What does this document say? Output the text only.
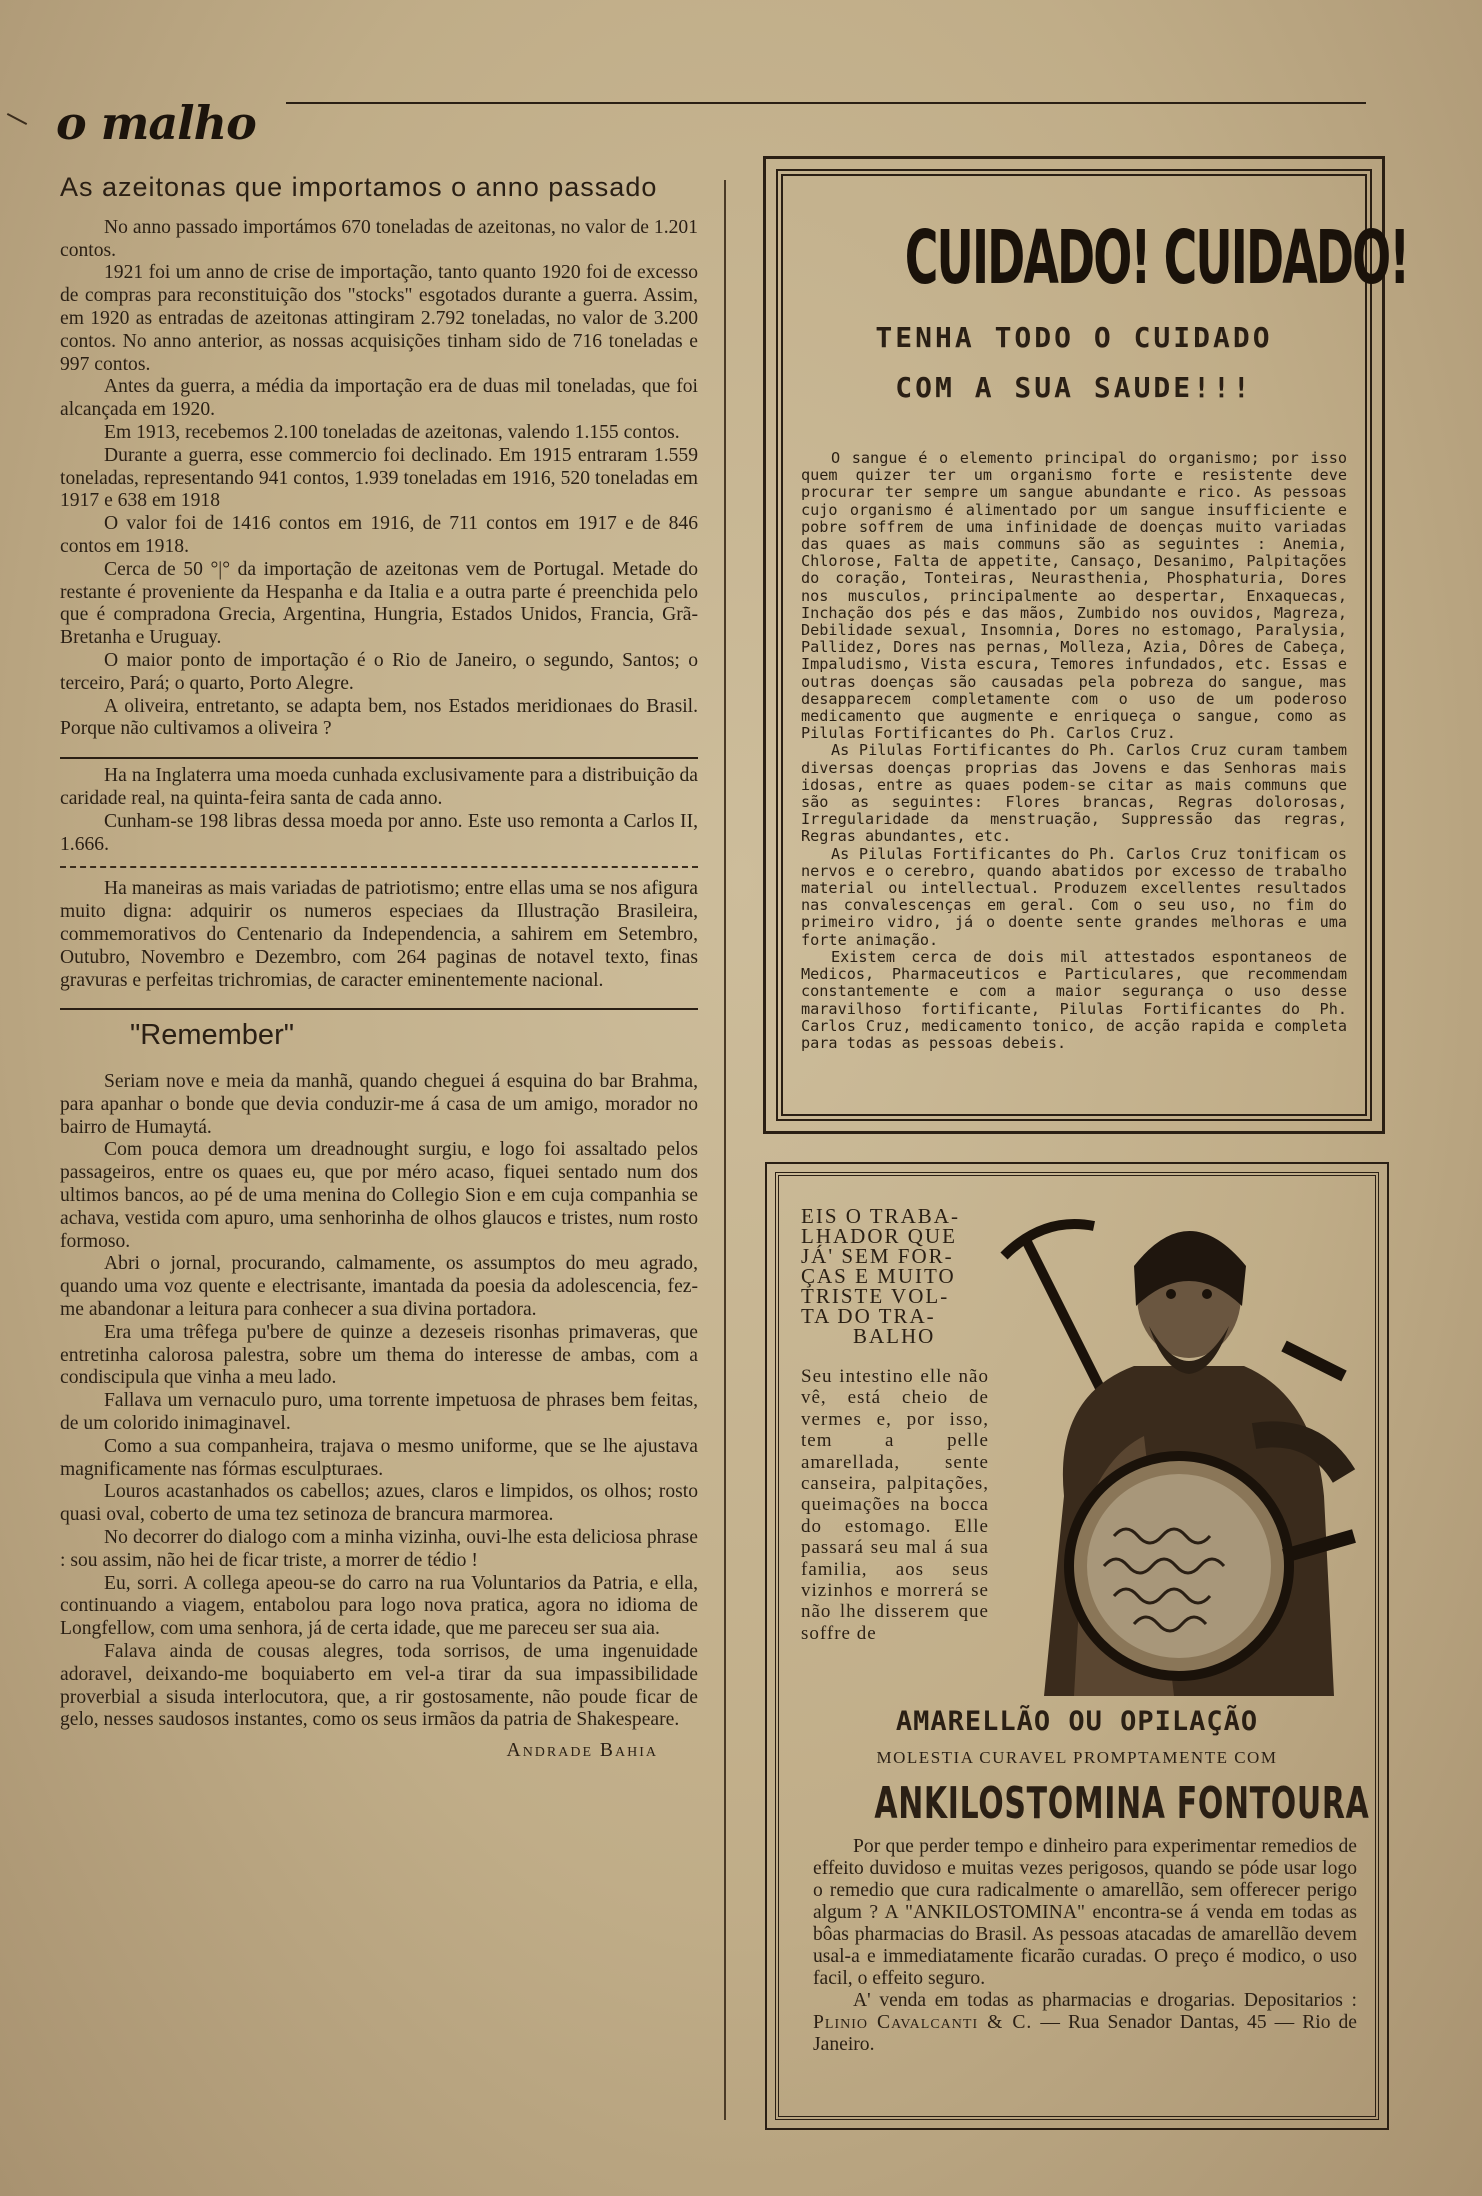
o malho
As azeitonas que importamos o anno passado

No anno passado importámos 670 toneladas de azeitonas, no valor de 1.201 contos.

1921 foi um anno de crise de importação, tanto quanto 1920 foi de excesso de compras para reconstituição dos "stocks" esgotados durante a guerra. Assim, em 1920 as entradas de azeitonas attingiram 2.792 toneladas, no valor de 3.200 contos. No anno anterior, as nossas acquisições tinham sido de 716 toneladas e 997 contos.

Antes da guerra, a média da importação era de duas mil toneladas, que foi alcançada em 1920.

Em 1913, recebemos 2.100 toneladas de azeitonas, valendo 1.155 contos.

Durante a guerra, esse commercio foi declinado. Em 1915 entraram 1.559 toneladas, representando 941 contos, 1.939 toneladas em 1916, 520 toneladas em 1917 e 638 em 1918

O valor foi de 1416 contos em 1916, de 711 contos em 1917 e de 846 contos em 1918.

Cerca de 50 °|° da importação de azeitonas vem de Portugal. Metade do restante é proveniente da Hespanha e da Italia e a outra parte é preenchida pelo que é compradona Grecia, Argentina, Hungria, Estados Unidos, Francia, Grã-Bretanha e Uruguay.

O maior ponto de importação é o Rio de Janeiro, o segundo, Santos; o terceiro, Pará; o quarto, Porto Alegre.

A oliveira, entretanto, se adapta bem, nos Estados meridionaes do Brasil. Porque não cultivamos a oliveira ?

Ha na Inglaterra uma moeda cunhada exclusivamente para a distribuição da caridade real, na quinta-feira santa de cada anno.

Cunham-se 198 libras dessa moeda por anno. Este uso remonta a Carlos II, 1.666.

Ha maneiras as mais variadas de patriotismo; entre ellas uma se nos afigura muito digna: adquirir os numeros especiaes da Illustração Brasileira, commemorativos do Centenario da Independencia, a sahirem em Setembro, Outubro, Novembro e Dezembro, com 264 paginas de notavel texto, finas gravuras e perfeitas trichromias, de caracter eminentemente nacional.

"Remember"

Seriam nove e meia da manhã, quando cheguei á esquina do bar Brahma, para apanhar o bonde que devia conduzir-me á casa de um amigo, morador no bairro de Humaytá.

Com pouca demora um dreadnought surgiu, e logo foi assaltado pelos passageiros, entre os quaes eu, que por méro acaso, fiquei sentado num dos ultimos bancos, ao pé de uma menina do Collegio Sion e em cuja companhia se achava, vestida com apuro, uma senhorinha de olhos glaucos e tristes, num rosto formoso.

Abri o jornal, procurando, calmamente, os assumptos do meu agrado, quando uma voz quente e electrisante, imantada da poesia da adolescencia, fez-me abandonar a leitura para conhecer a sua divina portadora.

Era uma trêfega pu'bere de quinze a dezeseis risonhas primaveras, que entretinha calorosa palestra, sobre um thema do interesse de ambas, com a condiscipula que vinha a meu lado.

Fallava um vernaculo puro, uma torrente impetuosa de phrases bem feitas, de um colorido inimaginavel.

Como a sua companheira, trajava o mesmo uniforme, que se lhe ajustava magnificamente nas fórmas esculpturaes.

Louros acastanhados os cabellos; azues, claros e limpidos, os olhos; rosto quasi oval, coberto de uma tez setinoza de brancura marmorea.

No decorrer do dialogo com a minha vizinha, ouvi-lhe esta deliciosa phrase : sou assim, não hei de ficar triste, a morrer de tédio !

Eu, sorri. A collega apeou-se do carro na rua Voluntarios da Patria, e ella, continuando a viagem, entabolou para logo nova pratica, agora no idioma de Longfellow, com uma senhora, já de certa idade, que me pareceu ser sua aia.

Falava ainda de cousas alegres, toda sorrisos, de uma ingenuidade adoravel, deixando-me boquiaberto em vel-a tirar da sua impassibilidade proverbial a sisuda interlocutora, que, a rir gostosamente, não poude ficar de gelo, nesses saudosos instantes, como os seus irmãos da patria de Shakespeare.

Andrade Bahia
CUIDADO! CUIDADO!
TENHA TODO O CUIDADO
COM A SUA SAUDE!!!

O sangue é o elemento principal do organismo; por isso quem quizer ter um organismo forte e resistente deve procurar ter sempre um sangue abundante e rico. As pessoas cujo organismo é alimentado por um sangue insufficiente e pobre soffrem de uma infinidade de doenças muito variadas das quaes as mais communs são as seguintes : Anemia, Chlorose, Falta de appetite, Cansaço, Desanimo, Palpitações do coração, Tonteiras, Neurasthenia, Phosphaturia, Dores nos musculos, principalmente ao despertar, Enxaquecas, Inchação dos pés e das mãos, Zumbido nos ouvidos, Magreza, Debilidade sexual, Insomnia, Dores no estomago, Paralysia, Pallidez, Dores nas pernas, Molleza, Azia, Dôres de Cabeça, Impaludismo, Vista escura, Temores infundados, etc. Essas e outras doenças são causadas pela pobreza do sangue, mas desapparecem completamente com o uso de um poderoso medicamento que augmente e enriqueça o sangue, como as Pilulas Fortificantes do Ph. Carlos Cruz.

As Pilulas Fortificantes do Ph. Carlos Cruz curam tambem diversas doenças proprias das Jovens e das Senhoras mais idosas, entre as quaes podem-se citar as mais communs que são as seguintes: Flores brancas, Regras dolorosas, Irregularidade da menstruação, Suppressão das regras, Regras abundantes, etc.

As Pilulas Fortificantes do Ph. Carlos Cruz tonificam os nervos e o cerebro, quando abatidos por excesso de trabalho material ou intellectual. Produzem excellentes resultados nas convalescenças em geral. Com o seu uso, no fim do primeiro vidro, já o doente sente grandes melhoras e uma forte animação.

Existem cerca de dois mil attestados espontaneos de Medicos, Pharmaceuticos e Particulares, que recommendam constantemente e com a maior segurança o uso desse maravilhoso fortificante, Pilulas Fortificantes do Ph. Carlos Cruz, medicamento tonico, de acção rapida e completa para todas as pessoas debeis.

EIS O TRABA-
LHADOR QUE
JÁ' SEM FOR-
ÇAS E MUITO
TRISTE VOL-
TA DO TRA-
BALHO
Seu intestino elle não vê, está cheio de vermes e, por isso, tem a pelle amarellada, sente canseira, palpitações, queimações na bocca do estomago. Elle passará seu mal á sua familia, aos seus vizinhos e morrerá se não lhe disserem que soffre de
AMARELLÃO OU OPILAÇÃO
MOLESTIA CURAVEL PROMPTAMENTE COM
ANKILOSTOMINA FONTOURA

Por que perder tempo e dinheiro para experimentar remedios de effeito duvidoso e muitas vezes perigosos, quando se póde usar logo o remedio que cura radicalmente o amarellão, sem offerecer perigo algum ? A "ANKILOSTOMINA" encontra-se á venda em todas as bôas pharmacias do Brasil. As pessoas atacadas de amarellão devem usal-a e immediatamente ficarão curadas. O preço é modico, o uso facil, o effeito seguro.

A' venda em todas as pharmacias e drogarias. Depositarios : Plinio Cavalcanti & C. — Rua Senador Dantas, 45 — Rio de Janeiro.
